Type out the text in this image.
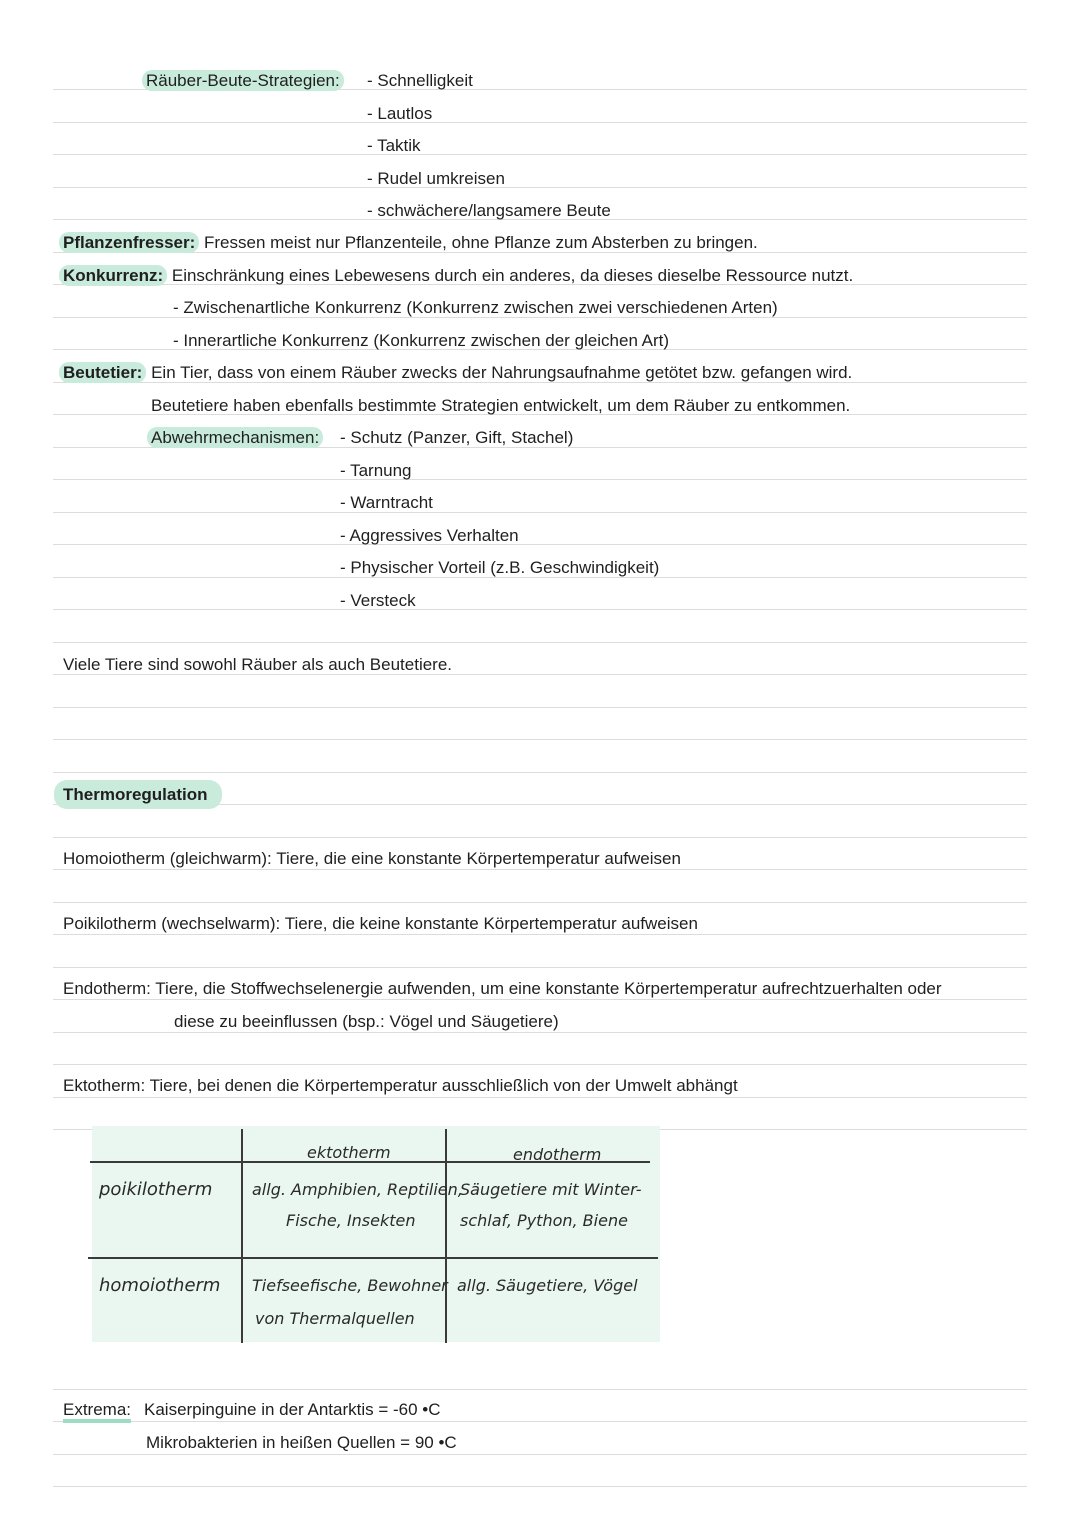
Räuber-Beute-Strategien: - Schnelligkeit
- Lautlos
- Taktik
- Rudel umkreisen
- schwächere/langsamere Beute
Pflanzenfresser: Fressen meist nur Pflanzenteile, ohne Pflanze zum Absterben zu bringen.
Konkurrenz: Einschränkung eines Lebewesens durch ein anderes, da dieses dieselbe Ressource nutzt.
- Zwischenartliche Konkurrenz (Konkurrenz zwischen zwei verschiedenen Arten)
- Innerartliche Konkurrenz (Konkurrenz zwischen der gleichen Art)
Beutetier: Ein Tier, dass von einem Räuber zwecks der Nahrungsaufnahme getötet bzw. gefangen wird.
Beutetiere haben ebenfalls bestimmte Strategien entwickelt, um dem Räuber zu entkommen.
Abwehrmechanismen: - Schutz (Panzer, Gift, Stachel)
- Tarnung
- Warntracht
- Aggressives Verhalten
- Physischer Vorteil (z.B. Geschwindigkeit)
- Versteck
Viele Tiere sind sowohl Räuber als auch Beutetiere.
Thermoregulation
Homoiotherm (gleichwarm): Tiere, die eine konstante Körpertemperatur aufweisen
Poikilotherm (wechselwarm): Tiere, die keine konstante Körpertemperatur aufweisen
Endotherm: Tiere, die Stoffwechselenergie aufwenden, um eine konstante Körpertemperatur aufrechtzuerhalten oder
diese zu beeinflussen (bsp.: Vögel und Säugetiere)
Ektotherm: Tiere, bei denen die Körpertemperatur ausschließlich von der Umwelt abhängt
ektotherm	endotherm
poikilotherm allg. Amphibien, Reptilien,
Fische, Insekten
Säugetiere mit Winter-
schlaf, Python, Biene
homoiotherm Tiefseefische, Bewohner
von Thermalquellen
allg. Säugetiere, Vögel
Extrema: Kaiserpinguine in der Antarktis = -60 •C
Mikrobakterien in heißen Quellen = 90 •C
